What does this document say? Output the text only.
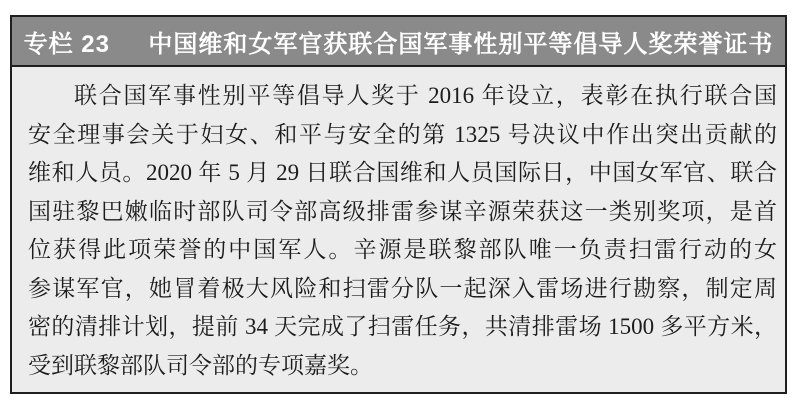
专栏 23 中国维和女军官获联合国军事性别平等倡导人奖荣誉证书
联合国军事性别平等倡导人奖于 2016 年设立，表彰在执行联合国
安全理事会关于妇女、和平与安全的第 1325 号决议中作出突出贡献的
维和人员。2020 年 5 月 29 日联合国维和人员国际日，中国女军官、联合
国驻黎巴嫩临时部队司令部高级排雷参谋辛源荣获这一类别奖项，是首
位获得此项荣誉的中国军人。辛源是联黎部队唯一负责扫雷行动的女
参谋军官，她冒着极大风险和扫雷分队一起深入雷场进行勘察，制定周
密的清排计划，提前 34 天完成了扫雷任务，共清排雷场 1500 多平方米，
受到联黎部队司令部的专项嘉奖。
